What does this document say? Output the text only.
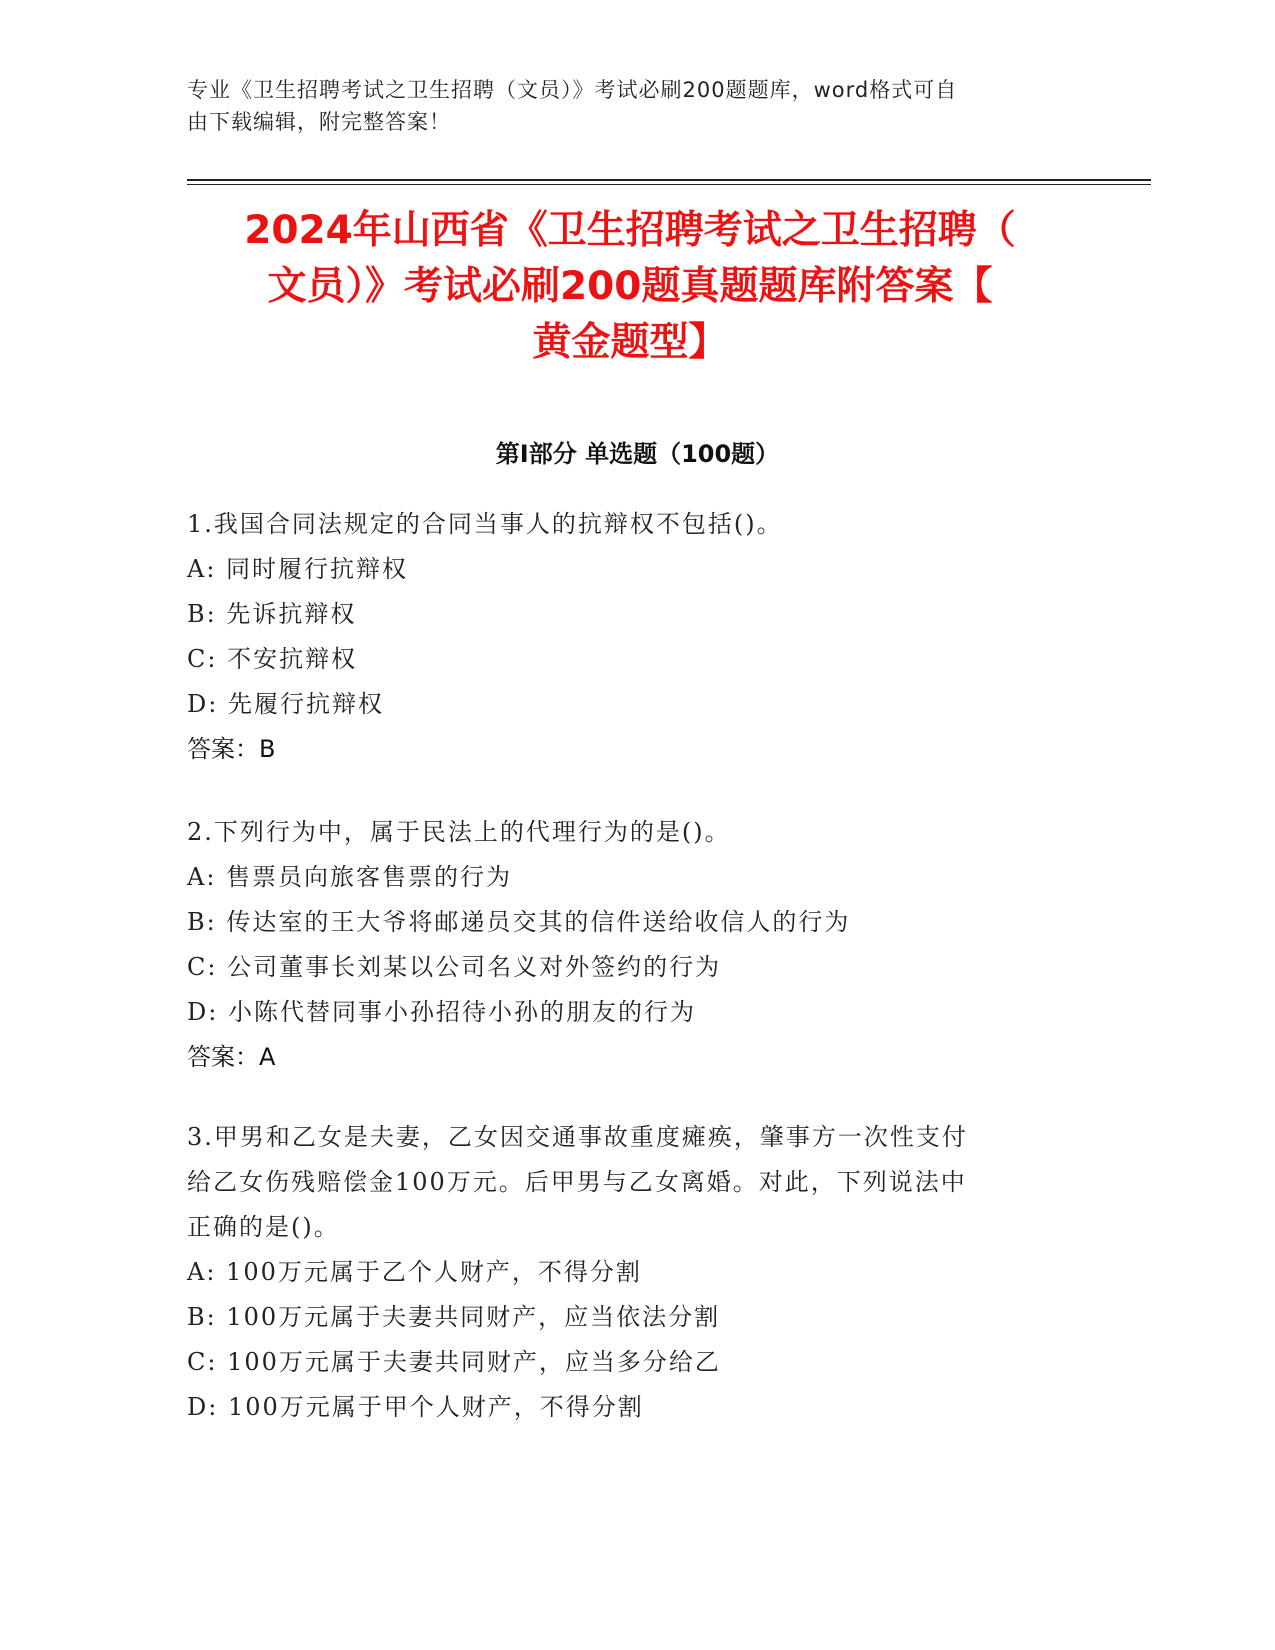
专业《卫生招聘考试之卫生招聘（文员）》考试必刷200题题库，word格式可自
由下载编辑，附完整答案！
2024年山西省《卫生招聘考试之卫生招聘（
文员）》考试必刷200题真题题库附答案【
黄金题型】
第Ⅰ部分 单选题（100题）
1.我国合同法规定的合同当事人的抗辩权不包括()。
A: 同时履行抗辩权
B: 先诉抗辩权
C: 不安抗辩权
D: 先履行抗辩权
答案：B
2.下列行为中，属于民法上的代理行为的是()。
A: 售票员向旅客售票的行为
B: 传达室的王大爷将邮递员交其的信件送给收信人的行为
C: 公司董事长刘某以公司名义对外签约的行为
D: 小陈代替同事小孙招待小孙的朋友的行为
答案：A
3.甲男和乙女是夫妻，乙女因交通事故重度瘫痪，肇事方一次性支付
给乙女伤残赔偿金100万元。后甲男与乙女离婚。对此，下列说法中
正确的是()。
A: 100万元属于乙个人财产，不得分割
B: 100万元属于夫妻共同财产，应当依法分割
C: 100万元属于夫妻共同财产，应当多分给乙
D: 100万元属于甲个人财产，不得分割
